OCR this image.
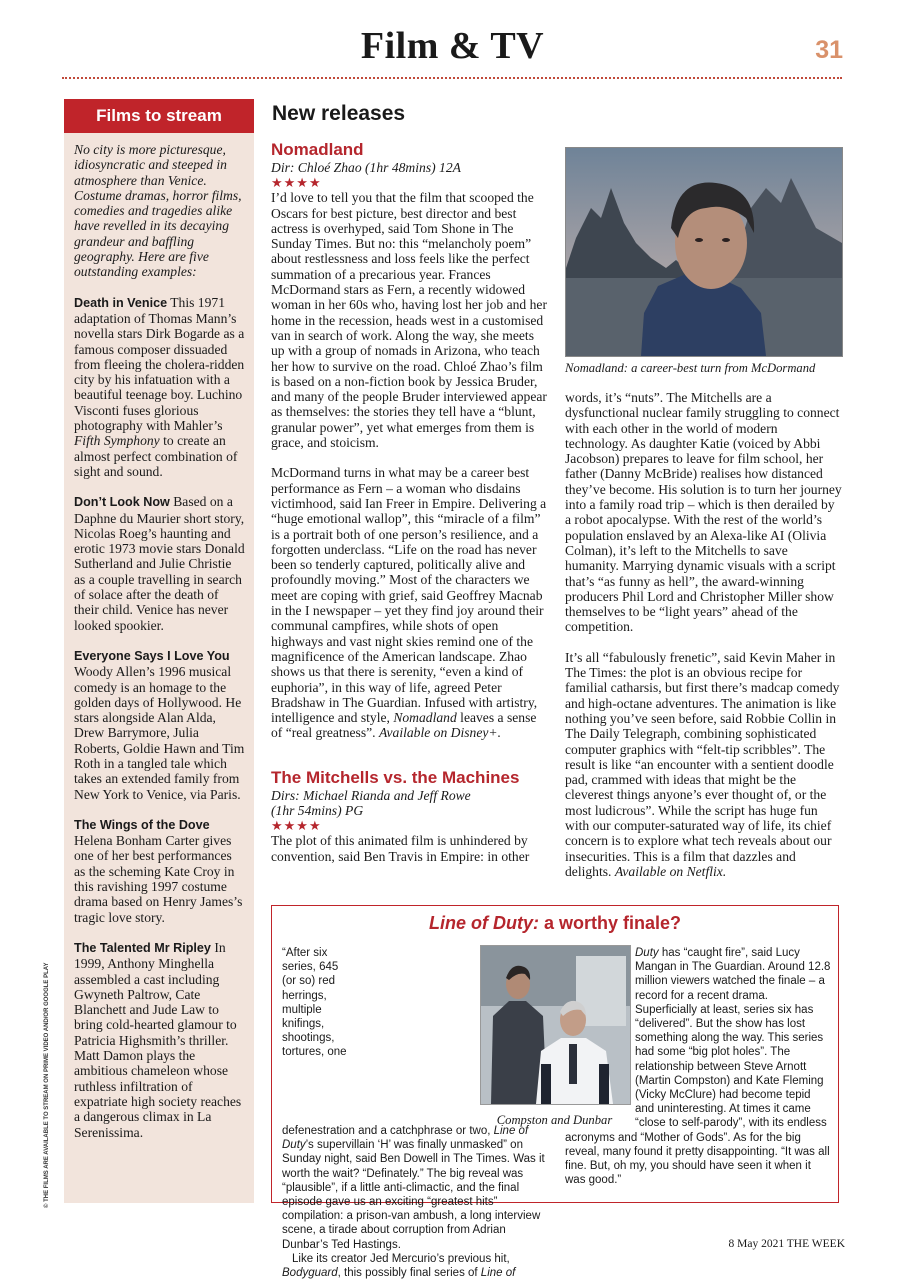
Film & TV	31
Films to stream

No city is more picturesque, idiosyncratic and steeped in atmosphere than Venice. Costume dramas, horror films, comedies and tragedies alike have revelled in its decaying grandeur and baffling geography. Here are five outstanding examples:

Death in Venice This 1971 adaptation of Thomas Mann’s novella stars Dirk Bogarde as a famous composer dissuaded from fleeing the cholera-ridden city by his infatuation with a beautiful teenage boy. Luchino Visconti fuses glorious photography with Mahler’s Fifth Symphony to create an almost perfect combination of sight and sound.

Don’t Look Now Based on a Daphne du Maurier short story, Nicolas Roeg’s haunting and erotic 1973 movie stars Donald Sutherland and Julie Christie as a couple travelling in search of solace after the death of their child. Venice has never looked spookier.

Everyone Says I Love You Woody Allen’s 1996 musical comedy is an homage to the golden days of Hollywood. He stars alongside Alan Alda, Drew Barrymore, Julia Roberts, Goldie Hawn and Tim Roth in a tangled tale which takes an extended family from New York to Venice, via Paris.

The Wings of the Dove Helena Bonham Carter gives one of her best performances as the scheming Kate Croy in this ravishing 1997 costume drama based on Henry James’s tragic love story.

The Talented Mr Ripley In 1999, Anthony Minghella assembled a cast including Gwyneth Paltrow, Cate Blanchett and Jude Law to bring cold-hearted glamour to Patricia Highsmith’s thriller. Matt Damon plays the ambitious chameleon whose ruthless infiltration of expatriate high society reaches a dangerous climax in La Serenissima.

New releases
Nomadland
Dir: Chloé Zhao (1hr 48mins) 12A
★★★★

I’d love to tell you that the film that scooped the Oscars for best picture, best director and best actress is overhyped, said Tom Shone in The Sunday Times. But no: this “melancholy poem” about restlessness and loss feels like the perfect summation of a precarious year. Frances McDormand stars as Fern, a recently widowed woman in her 60s who, having lost her job and her home in the recession, heads west in a customised van in search of work. Along the way, she meets up with a group of nomads in Arizona, who teach her how to survive on the road. Chloé Zhao’s film is based on a non-fiction book by Jessica Bruder, and many of the people Bruder interviewed appear as themselves: the stories they tell have a “blunt, granular power”, yet what emerges from them is grace, and stoicism.

McDormand turns in what may be a career best performance as Fern – a woman who disdains victimhood, said Ian Freer in Empire. Delivering a “huge emotional wallop”, this “miracle of a film” is a portrait both of one person’s resilience, and a forgotten underclass. “Life on the road has never been so tenderly captured, politically alive and profoundly moving.” Most of the characters we meet are coping with grief, said Geoffrey Macnab in the I newspaper – yet they find joy around their communal campfires, while shots of open highways and vast night skies remind one of the magnificence of the American landscape. Zhao shows us that there is serenity, “even a kind of euphoria”, in this way of life, agreed Peter Bradshaw in The Guardian. Infused with artistry, intelligence and style, Nomadland leaves a sense of “real greatness”. Available on Disney+.

The Mitchells vs. the Machines
Dirs: Michael Rianda and Jeff Rowe
(1hr 54mins) PG
★★★★
The plot of this animated film is unhindered by convention, said Ben Travis in Empire: in other
Nomadland: a career-best turn from McDormand

words, it’s “nuts”. The Mitchells are a dysfunctional nuclear family struggling to connect with each other in the world of modern technology. As daughter Katie (voiced by Abbi Jacobson) prepares to leave for film school, her father (Danny McBride) realises how distanced they’ve become. His solution is to turn her journey into a family road trip – which is then derailed by a robot apocalypse. With the rest of the world’s population enslaved by an Alexa-like AI (Olivia Colman), it’s left to the Mitchells to save humanity. Marrying dynamic visuals with a script that’s “as funny as hell”, the award-winning producers Phil Lord and Christopher Miller show themselves to be “light years” ahead of the competition.

It’s all “fabulously frenetic”, said Kevin Maher in The Times: the plot is an obvious recipe for familial catharsis, but first there’s madcap comedy and high-octane adventures. The animation is like nothing you’ve seen before, said Robbie Collin in The Daily Telegraph, combining sophisticated computer graphics with “felt-tip scribbles”. The result is like “an encounter with a sentient doodle pad, crammed with ideas that might be the cleverest things anyone’s ever thought of, or the most ludicrous”. While the script has huge fun with our computer-saturated way of life, its chief concern is to explore what tech reveals about our insecurities. This is a film that dazzles and delights. Available on Netflix.

Line of Duty: a worthy finale?

“After six series, 645 (or so) red herrings, multiple knifings, shootings, tortures, one defenestration and a catchphrase or two, Line of Duty’s supervillain ‘H’ was finally unmasked” on Sunday night, said Ben Dowell in The Times. Was it worth the wait? “Definately.” The big reveal was “plausible”, if a little anti-climactic, and the final episode gave us an exciting “greatest hits” compilation: a prison-van ambush, a long interview scene, a tirade about corruption from Adrian Dunbar’s Ted Hastings.

Like its creator Jed Mercurio’s previous hit, Bodyguard, this possibly final series of Line of

Compston and Dunbar

Duty has “caught fire”, said Lucy Mangan in The Guardian. Around 12.8 million viewers watched the finale – a record for a recent drama. Superficially at least, series six has “delivered”. But the show has lost something along the way. This series had some “big plot holes”. The relationship between Steve Arnott (Martin Compston) and Kate Fleming (Vicky McClure) had become tepid and uninteresting. At times it came “close to self-parody”, with its endless acronyms and “Mother of Gods”. As for the big reveal, many found it pretty disappointing. “It was all fine. But, oh my, you should have seen it when it was good.”

© THE FILMS ARE AVAILABLE TO STREAM ON PRIME VIDEO AND/OR GOOGLE PLAY
8 May 2021 THE WEEK
